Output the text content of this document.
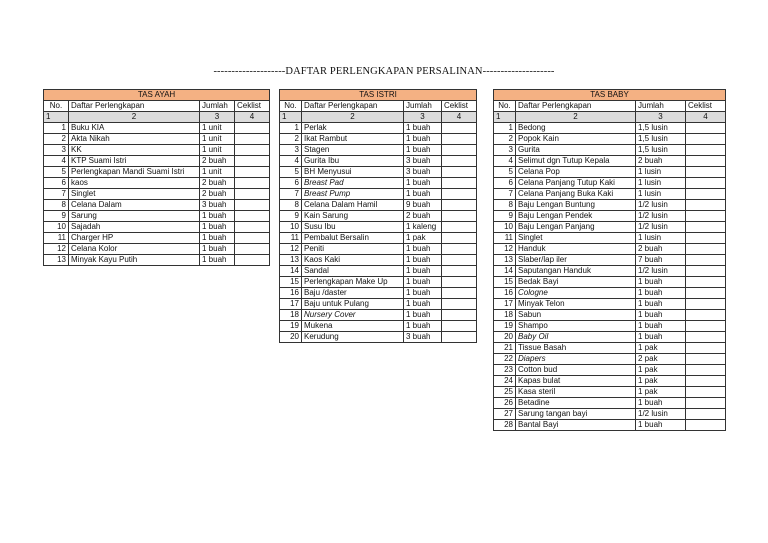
--------------------DAFTAR PERLENGKAPAN PERSALINAN--------------------
TAS AYAH			
No.	Daftar Perlengkapan	Jumlah	Ceklist
1	2	3	4
1	Buku KIA	1 unit	
2	Akta Nikah	1 unit	
3	KK	1 unit	
4	KTP Suami Istri	2 buah	
5	Perlengkapan Mandi Suami Istri	1 unit	
6	kaos	2 buah	
7	Singlet	2 buah	
8	Celana Dalam	3 buah	
9	Sarung	1 buah	
10	Sajadah	1 buah	
11	Charger HP	1 buah	
12	Celana Kolor	1 buah	
13	Minyak Kayu Putih	1 buah	
TAS ISTRI			
No.	Daftar Perlengkapan	Jumlah	Ceklist
1	2	3	4
1	Perlak	1 buah	
2	Ikat Rambut	1 buah	
3	Stagen	1 buah	
4	Gurita Ibu	3 buah	
5	BH Menyusui	3 buah	
6	Breast Pad	1 buah	
7	Breast Pump	1 buah	
8	Celana Dalam Hamil	9 buah	
9	Kain Sarung	2 buah	
10	Susu Ibu	1 kaleng	
11	Pembalut Bersalin	1 pak	
12	Peniti	1 buah	
13	Kaos Kaki	1 buah	
14	Sandal	1 buah	
15	Perlengkapan Make Up	1 buah	
16	Baju /daster	1 buah	
17	Baju untuk Pulang	1 buah	
18	Nursery Cover	1 buah	
19	Mukena	1 buah	
20	Kerudung	3 buah	
TAS BABY			
No.	Daftar Perlengkapan	Jumlah	Ceklist
1	2	3	4
1	Bedong	1,5 lusin	
2	Popok Kain	1,5 lusin	
3	Gurita	1,5 lusin	
4	Selimut dgn Tutup Kepala	2 buah	
5	Celana Pop	1 lusin	
6	Celana Panjang Tutup Kaki	1 lusin	
7	Celana Panjang Buka Kaki	1 lusin	
8	Baju Lengan Buntung	1/2 lusin	
9	Baju Lengan Pendek	1/2 lusin	
10	Baju Lengan Panjang	1/2 lusin	
11	Singlet	1 lusin	
12	Handuk	2 buah	
13	Slaber/lap iler	7 buah	
14	Saputangan Handuk	1/2 lusin	
15	Bedak Bayi	1 buah	
16	Cologne	1 buah	
17	Minyak Telon	1 buah	
18	Sabun	1 buah	
19	Shampo	1 buah	
20	Baby Oil	1 buah	
21	Tissue Basah	1 pak	
22	Diapers	2 pak	
23	Cotton bud	1 pak	
24	Kapas bulat	1 pak	
25	Kasa steril	1 pak	
26	Betadine	1 buah	
27	Sarung tangan bayi	1/2 lusin	
28	Bantal Bayi	1 buah	
